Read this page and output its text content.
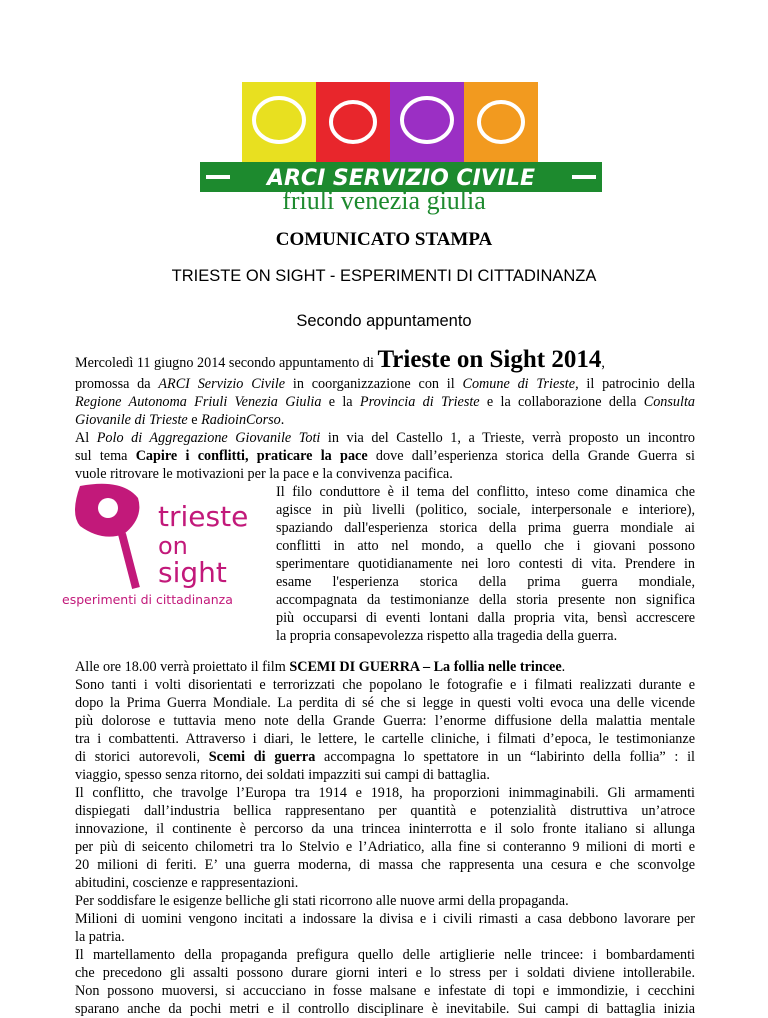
ARCI SERVIZIO CIVILE
friuli venezia giulia
COMUNICATO STAMPA
TRIESTE ON SIGHT - ESPERIMENTI DI CITTADINANZA
Secondo appuntamento
Mercoledì 11 giugno 2014 secondo appuntamento di Trieste on Sight 2014,
promossa da ARCI Servizio Civile in coorganizzazione con il Comune di Trieste, il patrocinio della
Regione Autonoma Friuli Venezia Giulia e la Provincia di Trieste e la collaborazione della Consulta
Giovanile di Trieste e RadioinCorso.
Al Polo di Aggregazione Giovanile Toti in via del Castello 1, a Trieste, verrà proposto un incontro
sul tema Capire i conflitti, praticare la pace dove dall’esperienza storica della Grande Guerra si
vuole ritrovare le motivazioni per la pace e la convivenza pacifica.
trieste
on
sight
esperimenti di cittadinanza
Il filo conduttore è il tema del conflitto, inteso come dinamica che
agisce in più livelli (politico, sociale, interpersonale e interiore),
spaziando dall'esperienza storica della prima guerra mondiale ai
conflitti in atto nel mondo, a quello che i giovani possono
sperimentare quotidianamente nei loro contesti di vita. Prendere in
esame l'esperienza storica della prima guerra mondiale,
accompagnata da testimonianze della storia presente non significa
più occuparsi di eventi lontani dalla propria vita, bensì accrescere
la propria consapevolezza rispetto alla tragedia della guerra.
Alle ore 18.00 verrà proiettato il film SCEMI DI GUERRA – La follia nelle trincee.
Sono tanti i volti disorientati e terrorizzati che popolano le fotografie e i filmati realizzati durante e
dopo la Prima Guerra Mondiale. La perdita di sé che si legge in questi volti evoca una delle vicende
più dolorose e tuttavia meno note della Grande Guerra: l’enorme diffusione della malattia mentale
tra i combattenti. Attraverso i diari, le lettere, le cartelle cliniche, i filmati d’epoca, le testimonianze
di storici autorevoli, Scemi di guerra accompagna lo spettatore in un “labirinto della follia” : il
viaggio, spesso senza ritorno, dei soldati impazziti sui campi di battaglia.
Il conflitto, che travolge l’Europa tra 1914 e 1918, ha proporzioni inimmaginabili. Gli armamenti
dispiegati dall’industria bellica rappresentano per quantità e potenzialità distruttiva un’atroce
innovazione, il continente è percorso da una trincea ininterrotta e il solo fronte italiano si allunga
per più di seicento chilometri tra lo Stelvio e l’Adriatico, alla fine si conteranno 9 milioni di morti e
20 milioni di feriti. E’ una guerra moderna, di massa che rappresenta una cesura e che sconvolge
abitudini, coscienze e rappresentazioni.
Per soddisfare le esigenze belliche gli stati ricorrono alle nuove armi della propaganda.
Milioni di uomini vengono incitati a indossare la divisa e i civili rimasti a casa debbono lavorare per
la patria.
Il martellamento della propaganda prefigura quello delle artiglierie nelle trincee: i bombardamenti
che precedono gli assalti possono durare giorni interi e lo stress per i soldati diviene intollerabile.
Non possono muoversi, si accucciano in fosse malsane e infestate di topi e immondizie, i cecchini
sparano anche da pochi metri e il controllo disciplinare è inevitabile. Sui campi di battaglia inizia
